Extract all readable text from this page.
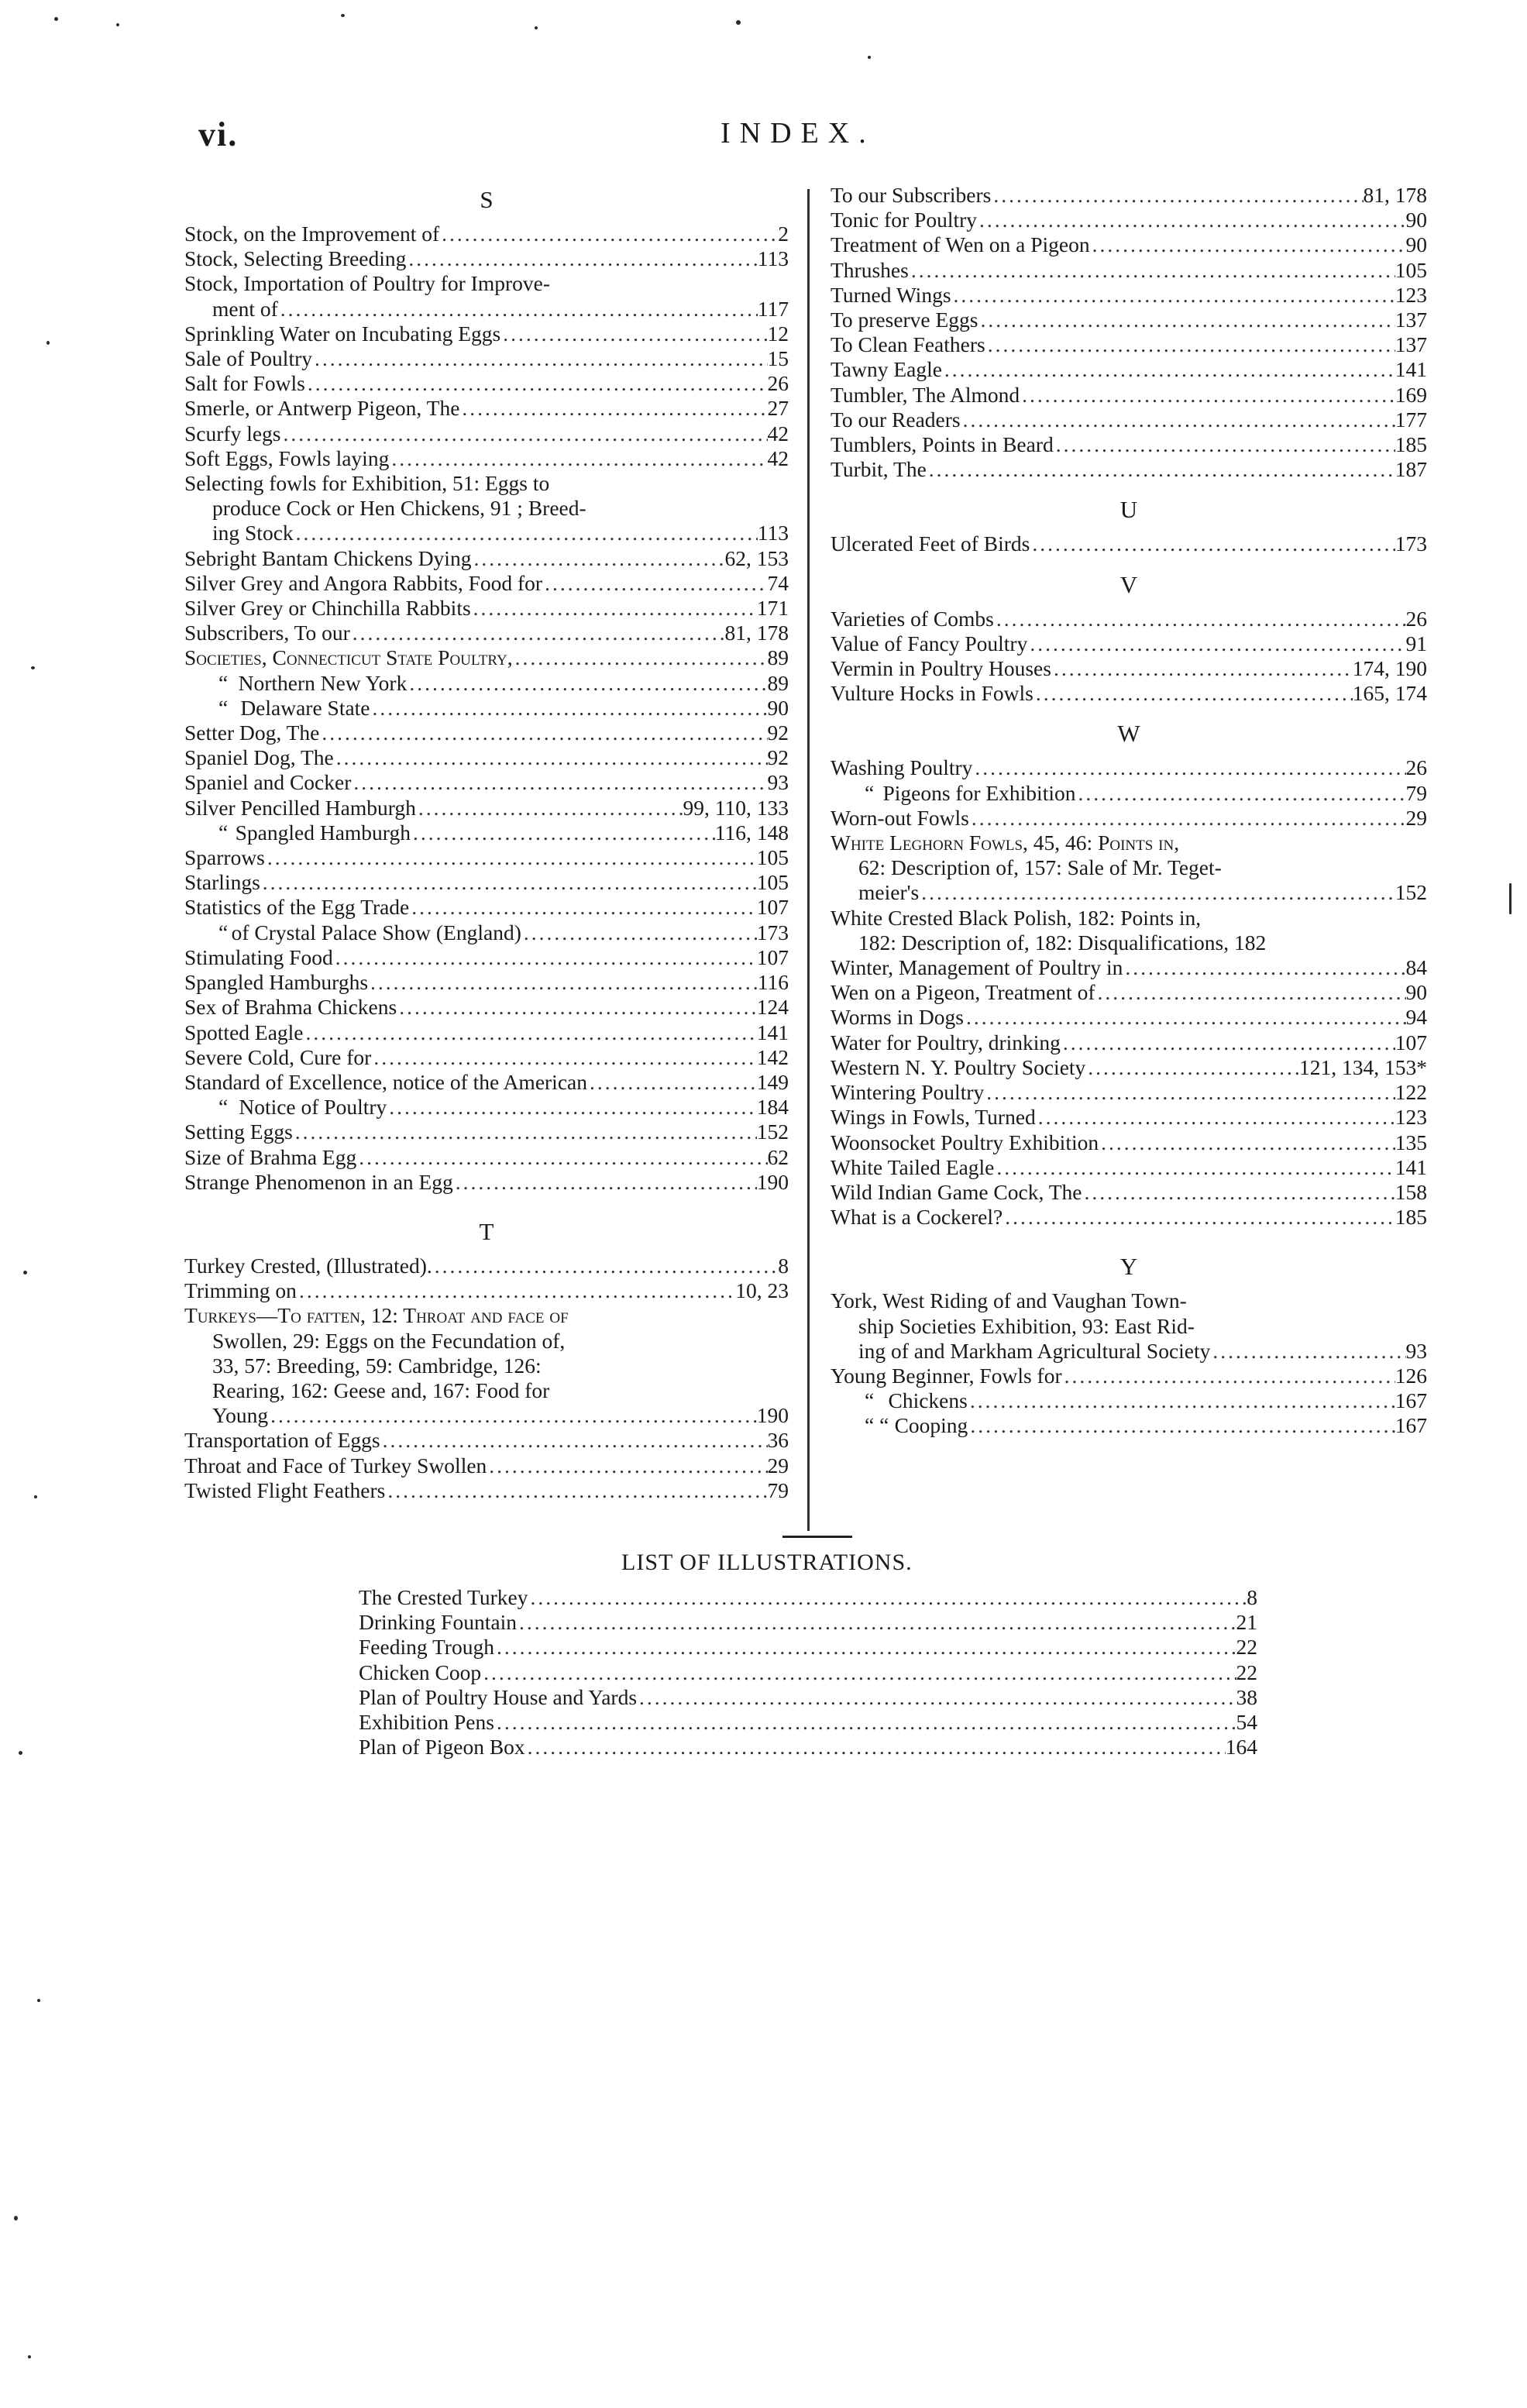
vi.	INDEX.
S
Stock, on the Improvement of .....	2
Stock, Selecting Breeding .....	113
Stock, Importation of Poultry for Improve-
ment of .....	117
Sprinkling Water on Incubating Eggs .....	12
Sale of Poultry .....	15
Salt for Fowls .....	26
Smerle, or Antwerp Pigeon, The .....	27
Scurfy legs .....	42
Soft Eggs, Fowls laying .....	42
Selecting fowls for Exhibition, 51: Eggs to
produce Cock or Hen Chickens, 91 ; Breed-
ing Stock .....	113
Sebright Bantam Chickens Dying .....	62, 153
Silver Grey and Angora Rabbits, Food for .....	74
Silver Grey or Chinchilla Rabbits .....	171
Subscribers, To our .....	81, 178
Societies, Connecticut State Poultry, .....	89
“ Northern New York .....	89
“ Delaware State .....	90
Setter Dog, The .....	92
Spaniel Dog, The .....	92
Spaniel and Cocker .....	93
Silver Pencilled Hamburgh .....	99, 110, 133
“ Spangled Hamburgh .....	116, 148
Sparrows .....	105
Starlings .....	105
Statistics of the Egg Trade .....	107
“ of Crystal Palace Show (England) .....	173
Stimulating Food .....	107
Spangled Hamburghs .....	116
Sex of Brahma Chickens .....	124
Spotted Eagle .....	141
Severe Cold, Cure for .....	142
Standard of Excellence, notice of the American .....	149
“ Notice of Poultry .....	184
Setting Eggs .....	152
Size of Brahma Egg .....	62
Strange Phenomenon in an Egg .....	190
T
Turkey Crested, (Illustrated). .....	8
Trimming on .....	10, 23
Turkeys—To fatten, 12: Throat and face of
Swollen, 29: Eggs on the Fecundation of,
33, 57: Breeding, 59: Cambridge, 126:
Rearing, 162: Geese and, 167: Food for
Young .....	190
Transportation of Eggs .....	36
Throat and Face of Turkey Swollen .....	29
Twisted Flight Feathers .....	79
To our Subscribers .....	81, 178
Tonic for Poultry .....	90
Treatment of Wen on a Pigeon .....	90
Thrushes .....	105
Turned Wings .....	123
To preserve Eggs .....	137
To Clean Feathers .....	137
Tawny Eagle .....	141
Tumbler, The Almond .....	169
To our Readers .....	177
Tumblers, Points in Beard .....	185
Turbit, The .....	187
U
Ulcerated Feet of Birds .....	173
V
Varieties of Combs .....	26
Value of Fancy Poultry .....	91
Vermin in Poultry Houses .....	174, 190
Vulture Hocks in Fowls .....	165, 174
W
Washing Poultry .....	26
“ Pigeons for Exhibition .....	79
Worn-out Fowls .....	29
White Leghorn Fowls, 45, 46: Points in,
62: Description of, 157: Sale of Mr. Teget-
meier's .....	152
White Crested Black Polish, 182: Points in,
182: Description of, 182: Disqualifications, 182
Winter, Management of Poultry in .....	84
Wen on a Pigeon, Treatment of .....	90
Worms in Dogs .....	94
Water for Poultry, drinking .....	107
Western N. Y. Poultry Society .....	121, 134, 153*
Wintering Poultry .....	122
Wings in Fowls, Turned .....	123
Woonsocket Poultry Exhibition .....	135
White Tailed Eagle .....	141
Wild Indian Game Cock, The .....	158
What is a Cockerel? .....	185
Y
York, West Riding of and Vaughan Town-
ship Societies Exhibition, 93: East Rid-
ing of and Markham Agricultural Society .....	93
Young Beginner, Fowls for .....	126
“ Chickens .....	167
“ “ Cooping .....	167
LIST OF ILLUSTRATIONS.
The Crested Turkey .....	8
Drinking Fountain .....	21
Feeding Trough .....	22
Chicken Coop .....	22
Plan of Poultry House and Yards .....	38
Exhibition Pens .....	54
Plan of Pigeon Box .....	164
